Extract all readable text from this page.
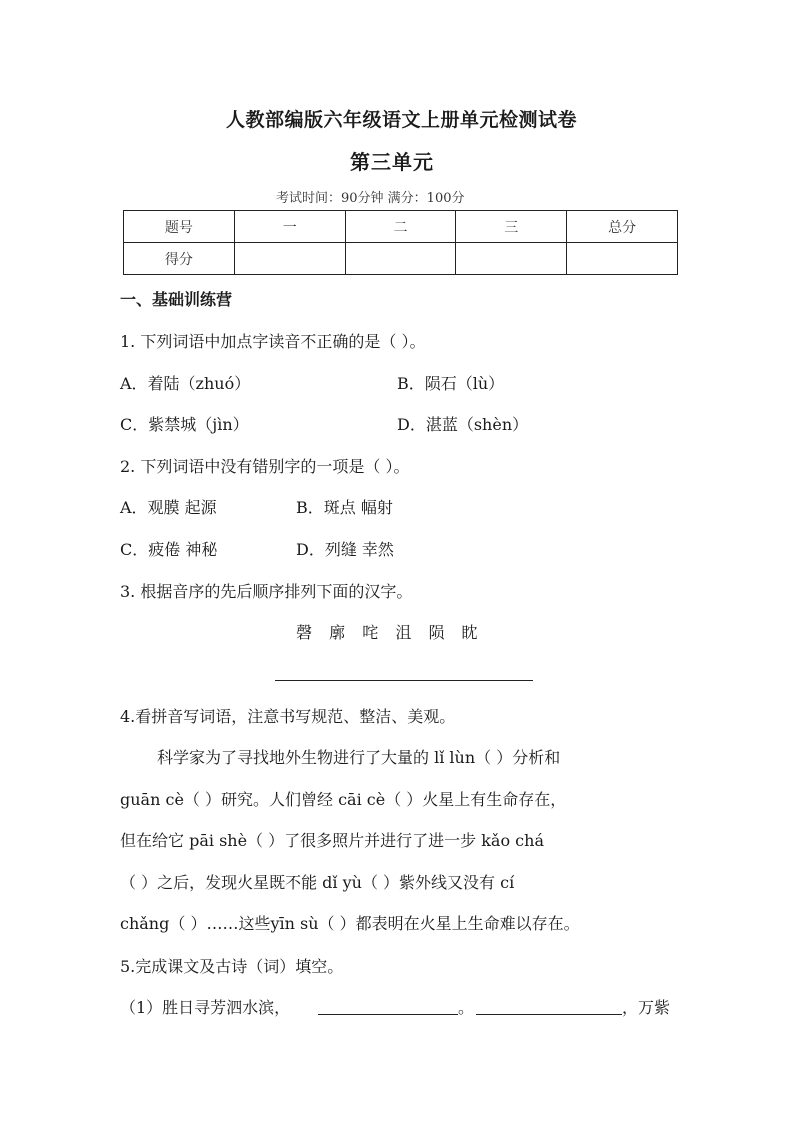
人教部编版六年级语文上册单元检测试卷
第三单元
考试时间：90分钟 满分：100分
题号	一	二	三	总分
得分				
一、基础训练营
1. 下列词语中加点字读音不正确的是（ ）。
A．着陆（zhuó）	B．陨石（lù）
C．紫禁城（jìn）	D．湛蓝（shèn）
2. 下列词语中没有错别字的一项是（ ）。
A．观膜 起源	B．斑点 幅射
C．疲倦 神秘	D．列缝 幸然
3. 根据音序的先后顺序排列下面的汉字。
磬 廓 咤 沮 陨 眈
4.看拼音写词语，注意书写规范、整洁、美观。
科学家为了寻找地外生物进行了大量的 lǐ lùn（ ）分析和
guān cè（ ）研究。人们曾经 cāi cè（ ）火星上有生命存在，
但在给它 pāi shè（ ）了很多照片并进行了进一步 kǎo chá
（ ）之后，发现火星既不能 dǐ yù（ ）紫外线又没有 cí
chǎng（ ）……这些yīn sù（ ）都表明在火星上生命难以存在。
5.完成课文及古诗（词）填空。
（1）胜日寻芳泗水滨，	。	，万紫
